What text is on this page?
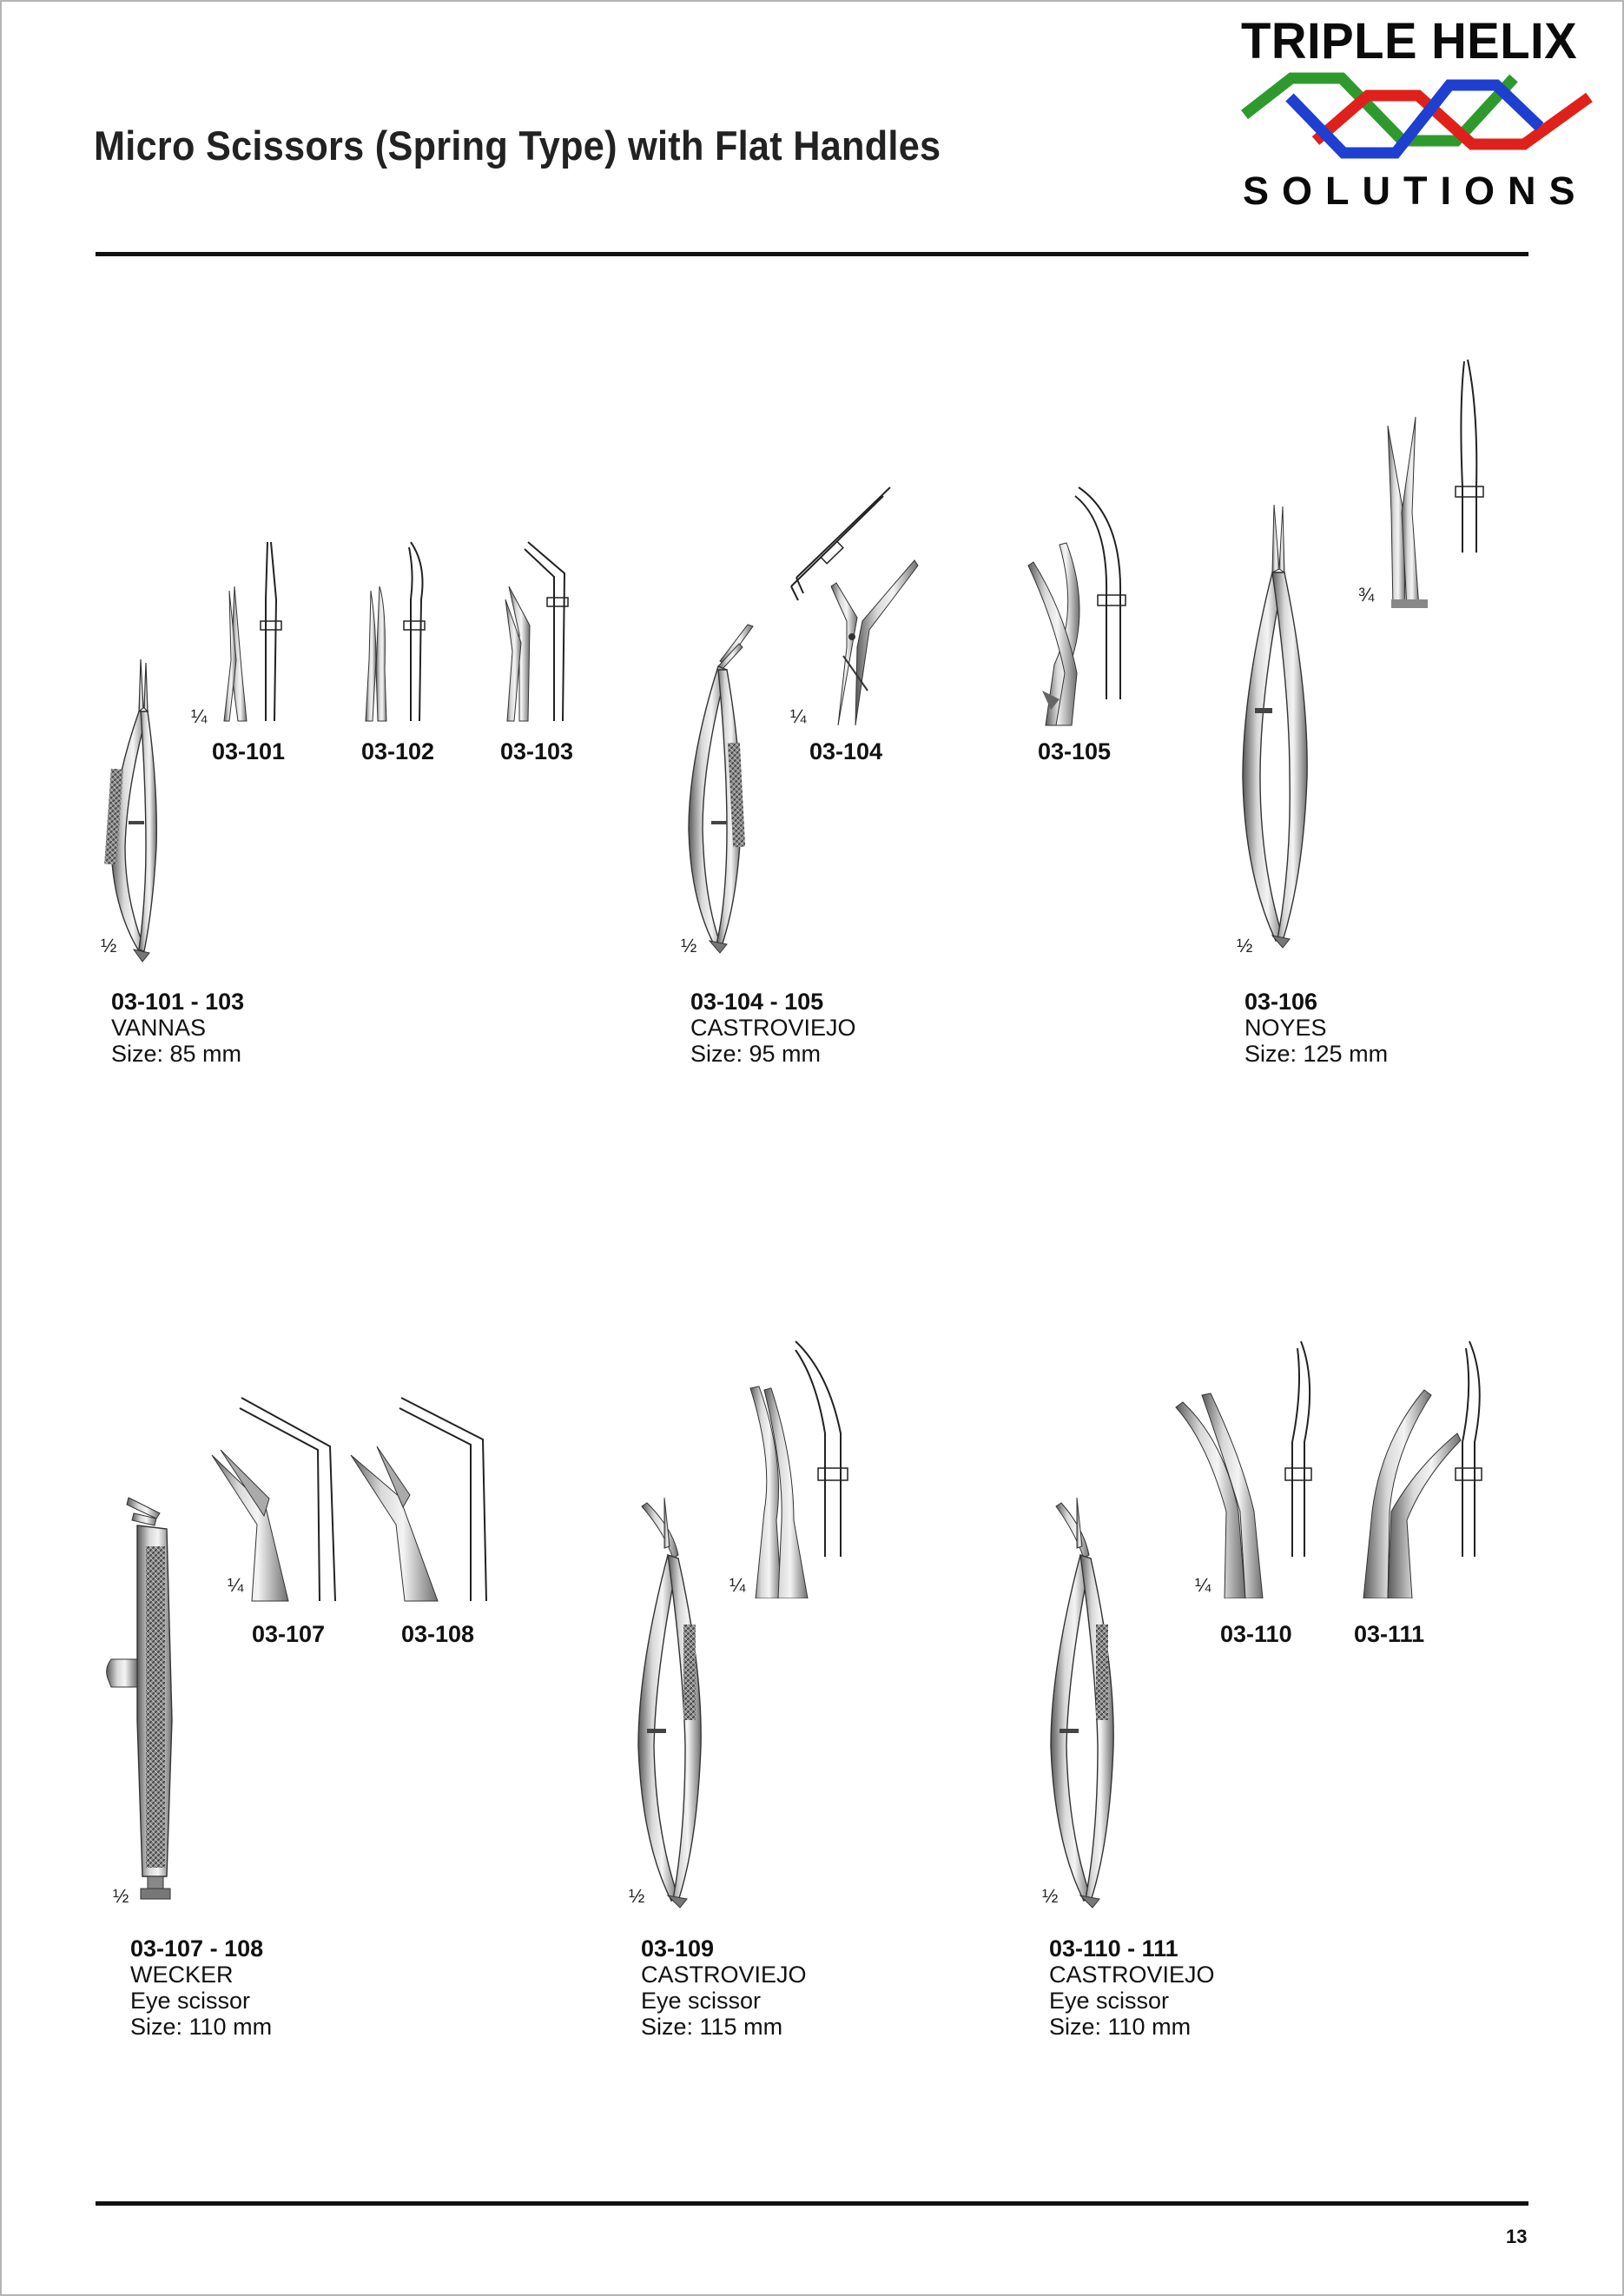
Micro Scissors (Spring Type) with Flat Handles
TRIPLE HELIX
SOLUTIONS
½
¼
03-101	03-102	03-103
03-101 - 103
VANNAS
Size: 85 mm
½
¼
03-104	03-105
03-104 - 105
CASTROVIEJO
Size: 95 mm
½
¾
03-106
NOYES
Size: 125 mm
½
¼
03-107	03-108
03-107 - 108
WECKER
Eye scissor
Size: 110 mm
½
¼
03-109
CASTROVIEJO
Eye scissor
Size: 115 mm
½
¼
03-110	03-111
03-110 - 111
CASTROVIEJO
Eye scissor
Size: 110 mm
13
